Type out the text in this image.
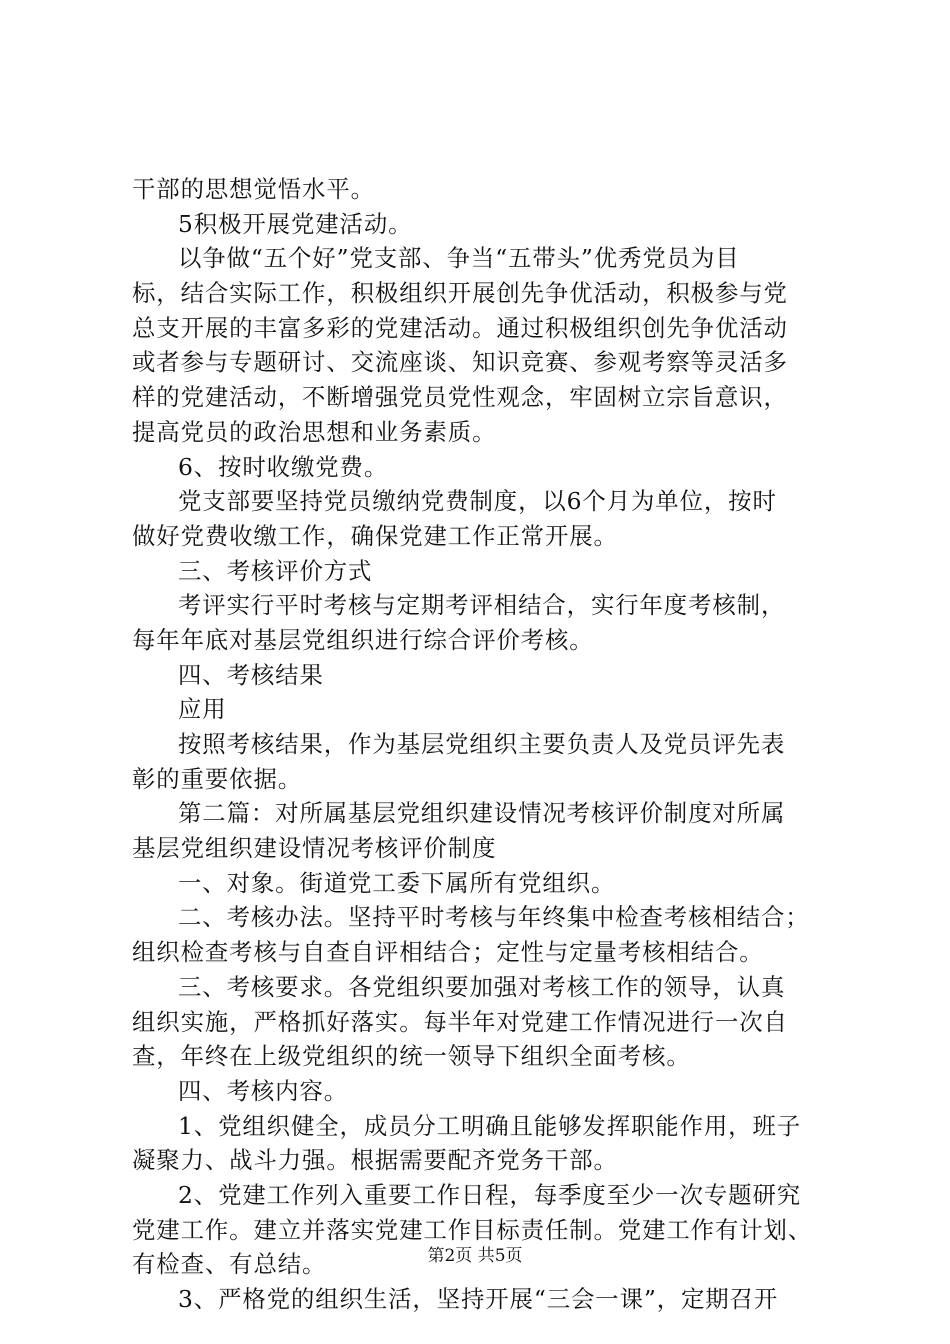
干部的思想觉悟水平。
5积极开展党建活动。
以争做“五个好”党支部、争当“五带头”优秀党员为目
标，结合实际工作，积极组织开展创先争优活动，积极参与党
总支开展的丰富多彩的党建活动。通过积极组织创先争优活动
或者参与专题研讨、交流座谈、知识竞赛、参观考察等灵活多
样的党建活动，不断增强党员党性观念，牢固树立宗旨意识，
提高党员的政治思想和业务素质。
6、按时收缴党费。
党支部要坚持党员缴纳党费制度，以6个月为单位，按时
做好党费收缴工作，确保党建工作正常开展。
三、考核评价方式
考评实行平时考核与定期考评相结合，实行年度考核制，
每年年底对基层党组织进行综合评价考核。
四、考核结果
应用
按照考核结果，作为基层党组织主要负责人及党员评先表
彰的重要依据。
第二篇：对所属基层党组织建设情况考核评价制度对所属
基层党组织建设情况考核评价制度
一、对象。街道党工委下属所有党组织。
二、考核办法。坚持平时考核与年终集中检查考核相结合；
组织检查考核与自查自评相结合；定性与定量考核相结合。
三、考核要求。各党组织要加强对考核工作的领导，认真
组织实施，严格抓好落实。每半年对党建工作情况进行一次自
查，年终在上级党组织的统一领导下组织全面考核。
四、考核内容。
1、党组织健全，成员分工明确且能够发挥职能作用，班子
凝聚力、战斗力强。根据需要配齐党务干部。
2、党建工作列入重要工作日程，每季度至少一次专题研究
党建工作。建立并落实党建工作目标责任制。党建工作有计划、
有检查、有总结。
3、严格党的组织生活，坚持开展“三会一课”，定期召开
第2页 共5页
